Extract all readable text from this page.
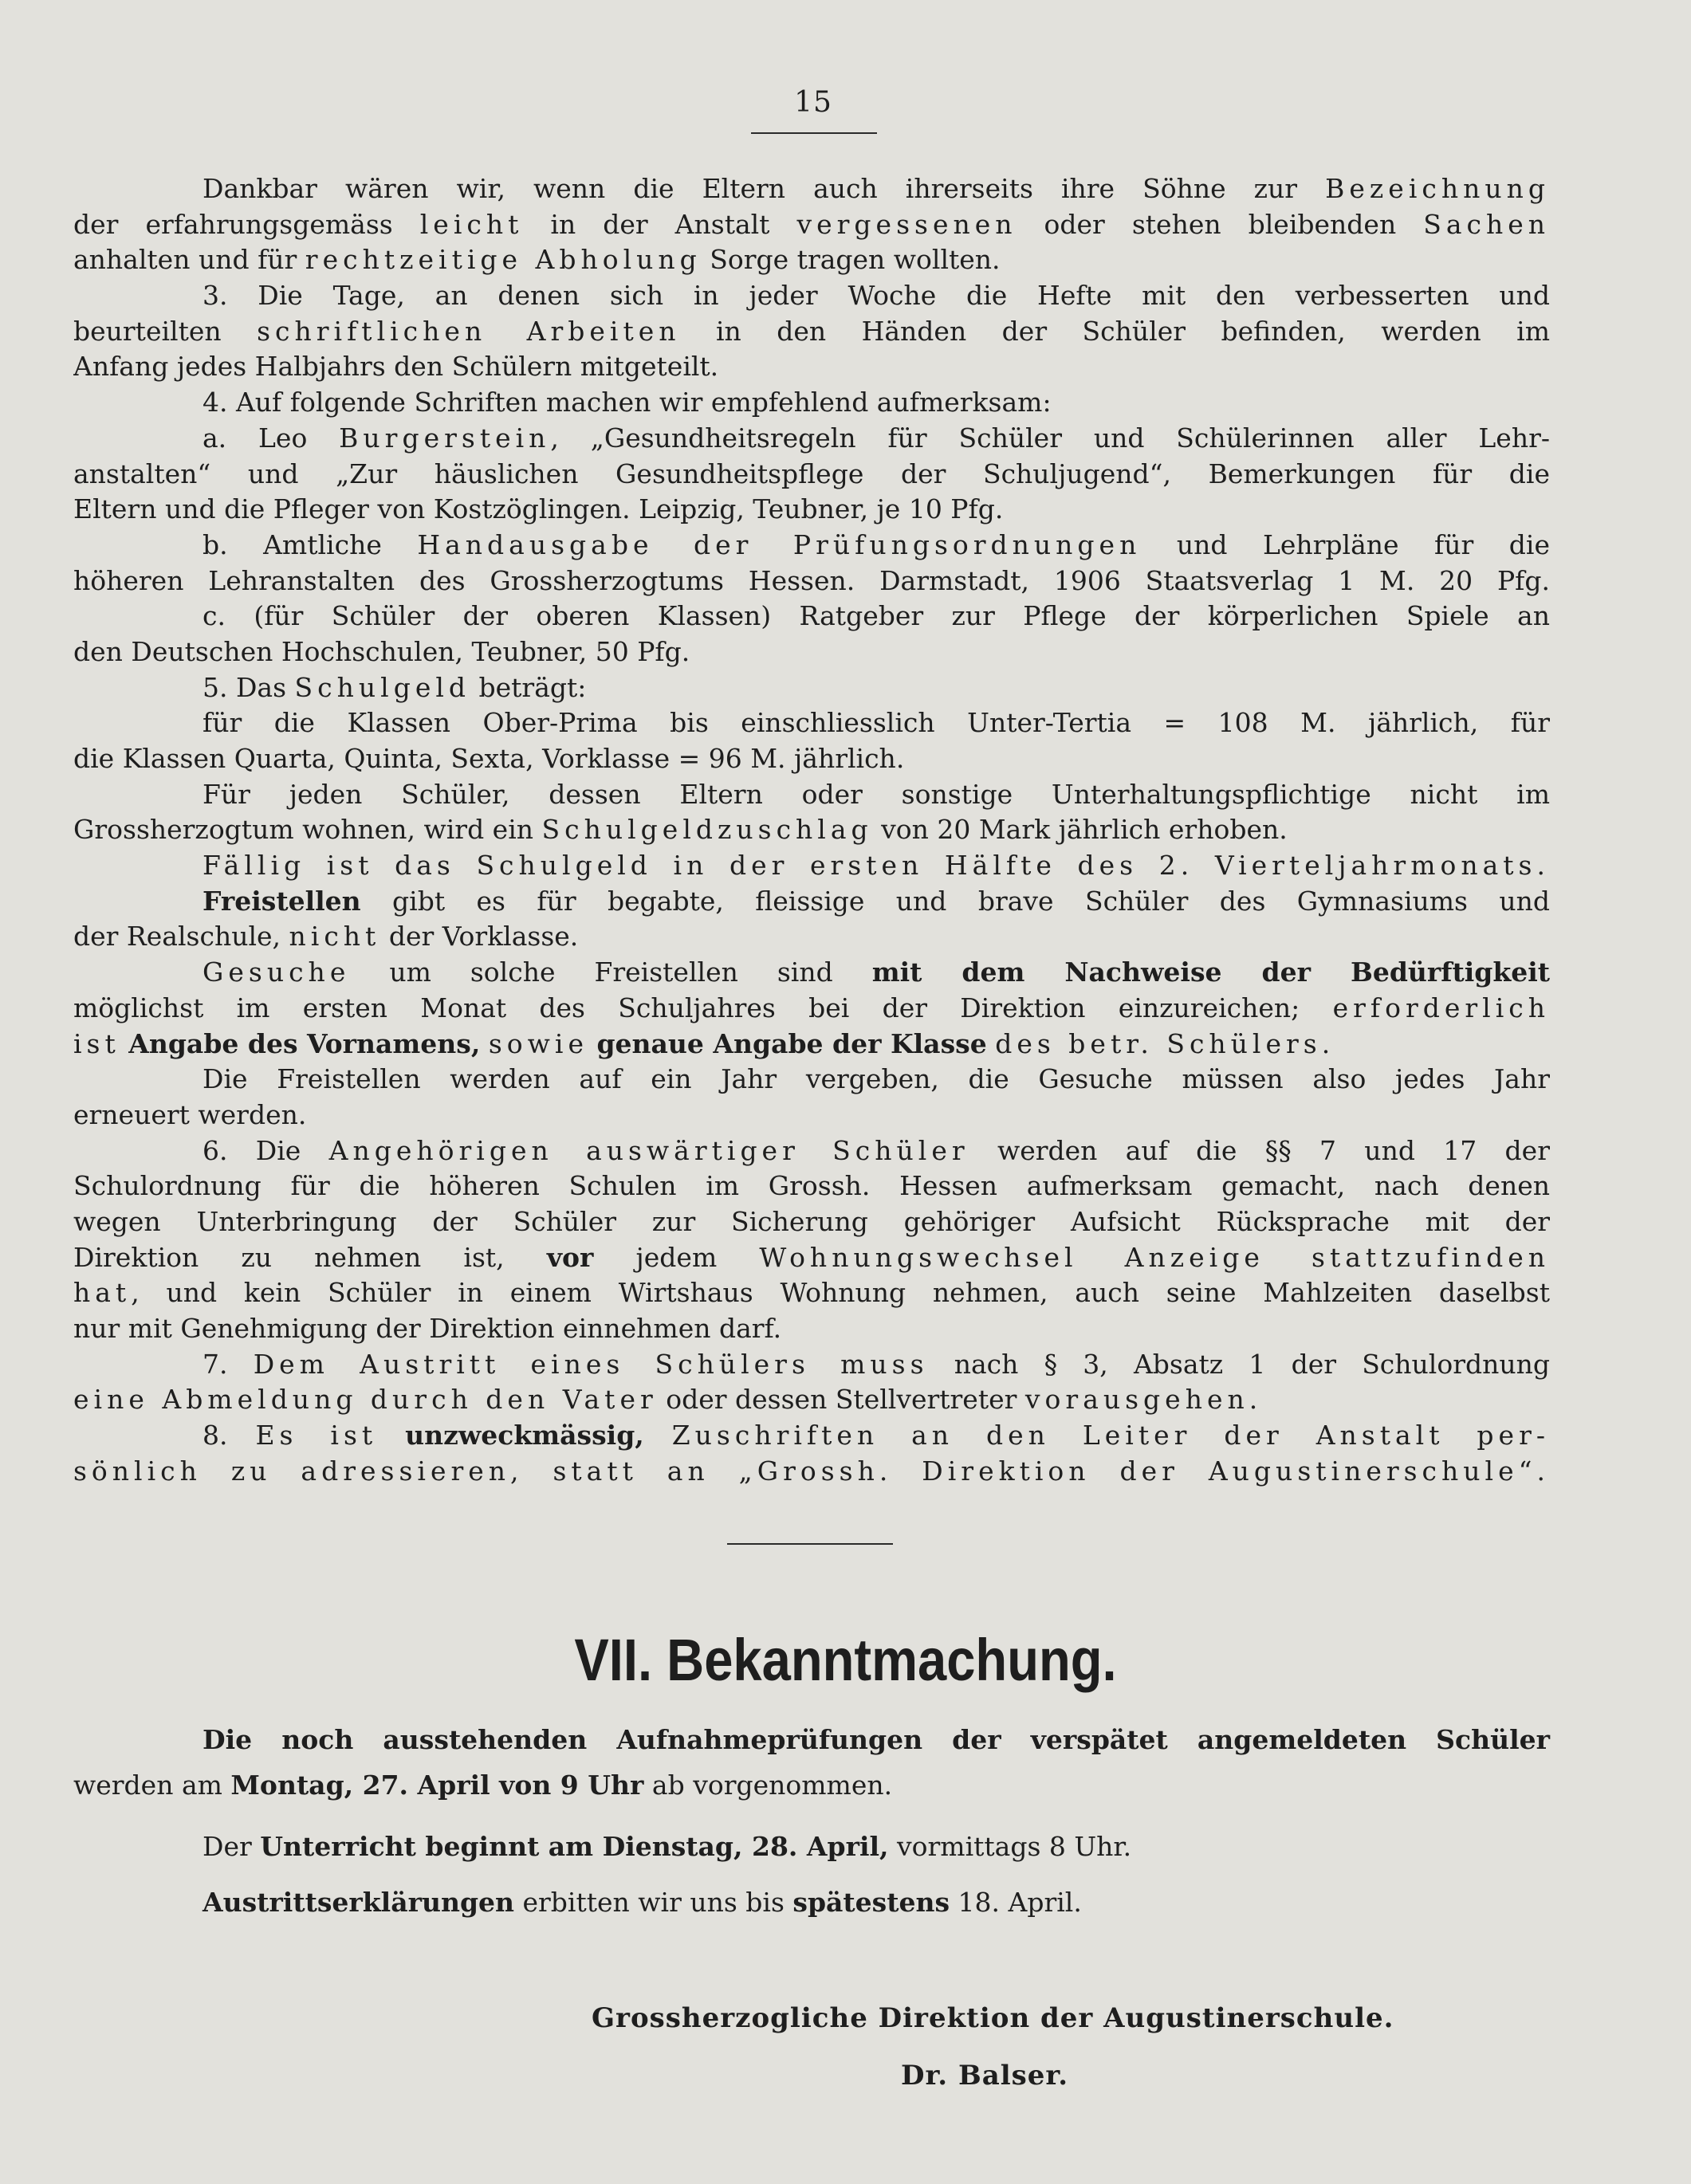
15
Dankbar wären wir, wenn die Eltern auch ihrerseits ihre Söhne zur Bezeichnung
der erfahrungsgemäss leicht in der Anstalt vergessenen oder stehen bleibenden Sachen
anhalten und für rechtzeitige Abholung Sorge tragen wollten.
3. Die Tage, an denen sich in jeder Woche die Hefte mit den verbesserten und
beurteilten schriftlichen Arbeiten in den Händen der Schüler befinden, werden im
Anfang jedes Halbjahrs den Schülern mitgeteilt.
4. Auf folgende Schriften machen wir empfehlend aufmerksam:
a. Leo Burgerstein, „Gesundheitsregeln für Schüler und Schülerinnen aller Lehr-
anstalten“ und „Zur häuslichen Gesundheitspflege der Schuljugend“, Bemerkungen für die
Eltern und die Pfleger von Kostzöglingen. Leipzig, Teubner, je 10 Pfg.
b. Amtliche Handausgabe der Prüfungsordnungen und Lehrpläne für die
höheren Lehranstalten des Grossherzogtums Hessen. Darmstadt, 1906 Staatsverlag 1 M. 20 Pfg.
c. (für Schüler der oberen Klassen) Ratgeber zur Pflege der körperlichen Spiele an
den Deutschen Hochschulen, Teubner, 50 Pfg.
5. Das Schulgeld beträgt:
für die Klassen Ober-Prima bis einschliesslich Unter-Tertia = 108 M. jährlich, für
die Klassen Quarta, Quinta, Sexta, Vorklasse = 96 M. jährlich.
Für jeden Schüler, dessen Eltern oder sonstige Unterhaltungspflichtige nicht im
Grossherzogtum wohnen, wird ein Schulgeldzuschlag von 20 Mark jährlich erhoben.
Fällig ist das Schulgeld in der ersten Hälfte des 2. Vierteljahrmonats.
Freistellen gibt es für begabte, fleissige und brave Schüler des Gymnasiums und
der Realschule, nicht der Vorklasse.
Gesuche um solche Freistellen sind mit dem Nachweise der Bedürftigkeit
möglichst im ersten Monat des Schuljahres bei der Direktion einzureichen; erforderlich
ist Angabe des Vornamens, sowie genaue Angabe der Klasse des betr. Schülers.
Die Freistellen werden auf ein Jahr vergeben, die Gesuche müssen also jedes Jahr
erneuert werden.
6. Die Angehörigen auswärtiger Schüler werden auf die §§ 7 und 17 der
Schulordnung für die höheren Schulen im Grossh. Hessen aufmerksam gemacht, nach denen
wegen Unterbringung der Schüler zur Sicherung gehöriger Aufsicht Rücksprache mit der
Direktion zu nehmen ist, vor jedem Wohnungswechsel Anzeige stattzufinden
hat, und kein Schüler in einem Wirtshaus Wohnung nehmen, auch seine Mahlzeiten daselbst
nur mit Genehmigung der Direktion einnehmen darf.
7. Dem Austritt eines Schülers muss nach § 3, Absatz 1 der Schulordnung
eine Abmeldung durch den Vater oder dessen Stellvertreter vorausgehen.
8. Es ist unzweckmässig, Zuschriften an den Leiter der Anstalt per-
sönlich zu adressieren, statt an „Grossh. Direktion der Augustinerschule“.
VII. Bekanntmachung.
Die noch ausstehenden Aufnahmeprüfungen der verspätet angemeldeten Schüler
werden am Montag, 27. April von 9 Uhr ab vorgenommen.
Der Unterricht beginnt am Dienstag, 28. April, vormittags 8 Uhr.
Austrittserklärungen erbitten wir uns bis spätestens 18. April.
Grossherzogliche Direktion der Augustinerschule.
Dr. Balser.
